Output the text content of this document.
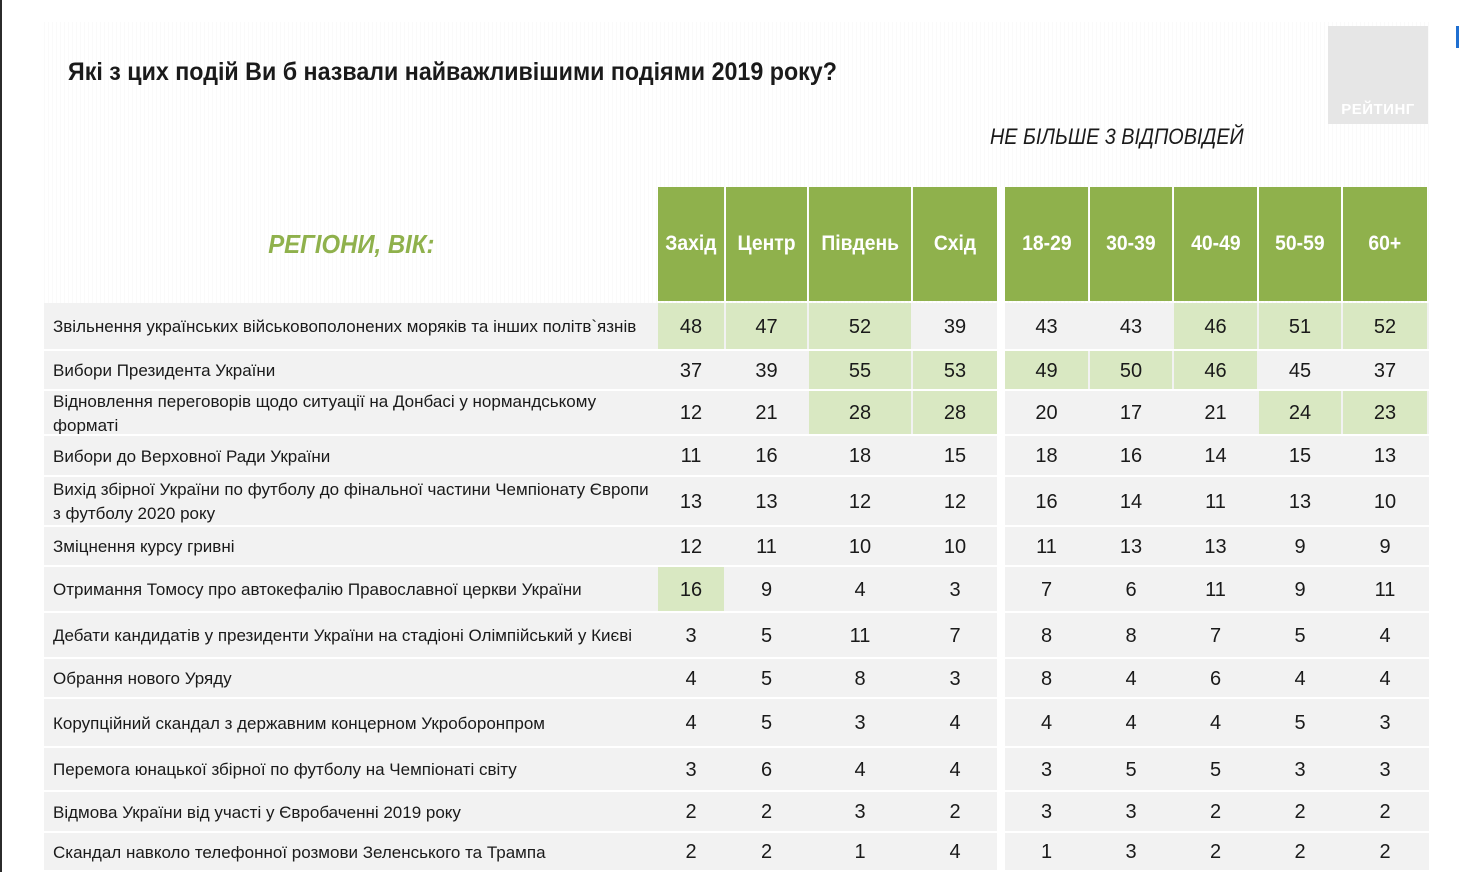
РЕЙТИНГ
Які з цих подій Ви б назвали найважливішими подіями 2019 року?
НЕ БІЛЬШЕ 3 ВІДПОВІДЕЙ
РЕГІОНИ, ВІК:	Захід Центр Південь Схід 18-29 30-39 40-49 50-59 60+
Звільнення українських військовополонених моряків та інших політв`язнів	48	47	52	39	43	43	46	51	52
Вибори Президента України	37	39	55	53	49	50	46	45	37
Відновлення переговорів щодо ситуації на Донбасі у нормандському форматі
12	21	28	28	20	17	21	24	23
Вибори до Верховної Ради України	11	16	18	15	18	16	14	15	13
Вихід збірної України по футболу до фінальної частини Чемпіонату Європи з футболу 2020 року
13	13	12	12	16	14	11	13	10
Зміцнення курсу гривні	12	11	10	10	11	13	13	9	9
Отримання Томосу про автокефалію Православної церкви України	16	9	4	3	7	6	11	9	11
Дебати кандидатів у президенти України на стадіоні Олімпійський у Києві	3	5	11	7	8	8	7	5	4
Обрання нового Уряду	4	5	8	3	8	4	6	4	4
Корупційний скандал з державним концерном Укроборонпром	4	5	3	4	4	4	4	5	3
Перемога юнацької збірної по футболу на Чемпіонаті світу	3	6	4	4	3	5	5	3	3
Відмова України від участі у Євробаченні 2019 року	2	2	3	2	3	3	2	2	2
Скандал навколо телефонної розмови Зеленського та Трампа	2	2	1	4	1	3	2	2	2
